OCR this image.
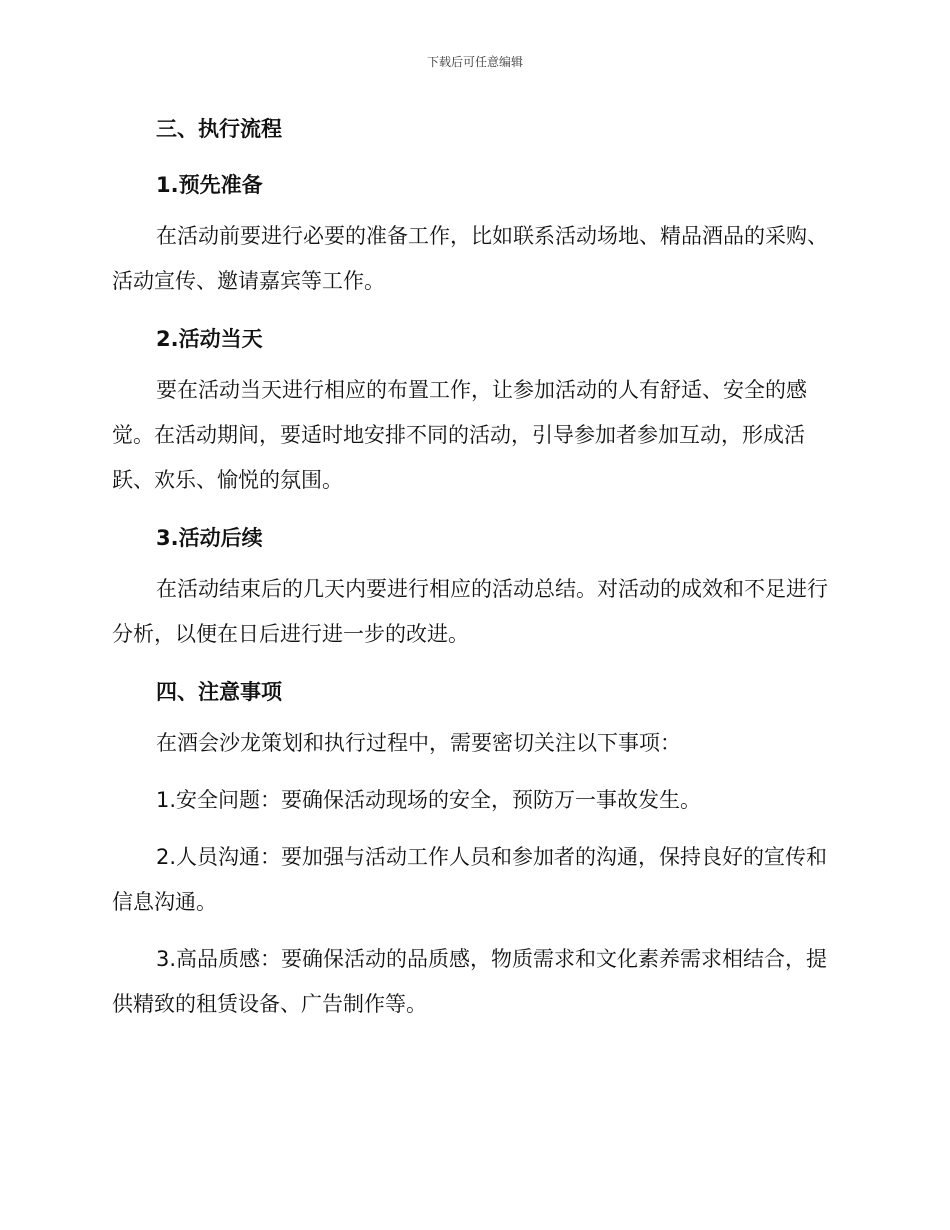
下载后可任意编辑
三、执行流程
1.预先准备

在活动前要进行必要的准备工作，比如联系活动场地、精品酒品的采购、活动宣传、邀请嘉宾等工作。

2.活动当天

要在活动当天进行相应的布置工作，让参加活动的人有舒适、安全的感觉。在活动期间，要适时地安排不同的活动，引导参加者参加互动，形成活跃、欢乐、愉悦的氛围。

3.活动后续

在活动结束后的几天内要进行相应的活动总结。对活动的成效和不足进行分析，以便在日后进行进一步的改进。

四、注意事项

在酒会沙龙策划和执行过程中，需要密切关注以下事项：

1.安全问题：要确保活动现场的安全，预防万一事故发生。

2.人员沟通：要加强与活动工作人员和参加者的沟通，保持良好的宣传和信息沟通。

3.高品质感：要确保活动的品质感，物质需求和文化素养需求相结合，提供精致的租赁设备、广告制作等。
